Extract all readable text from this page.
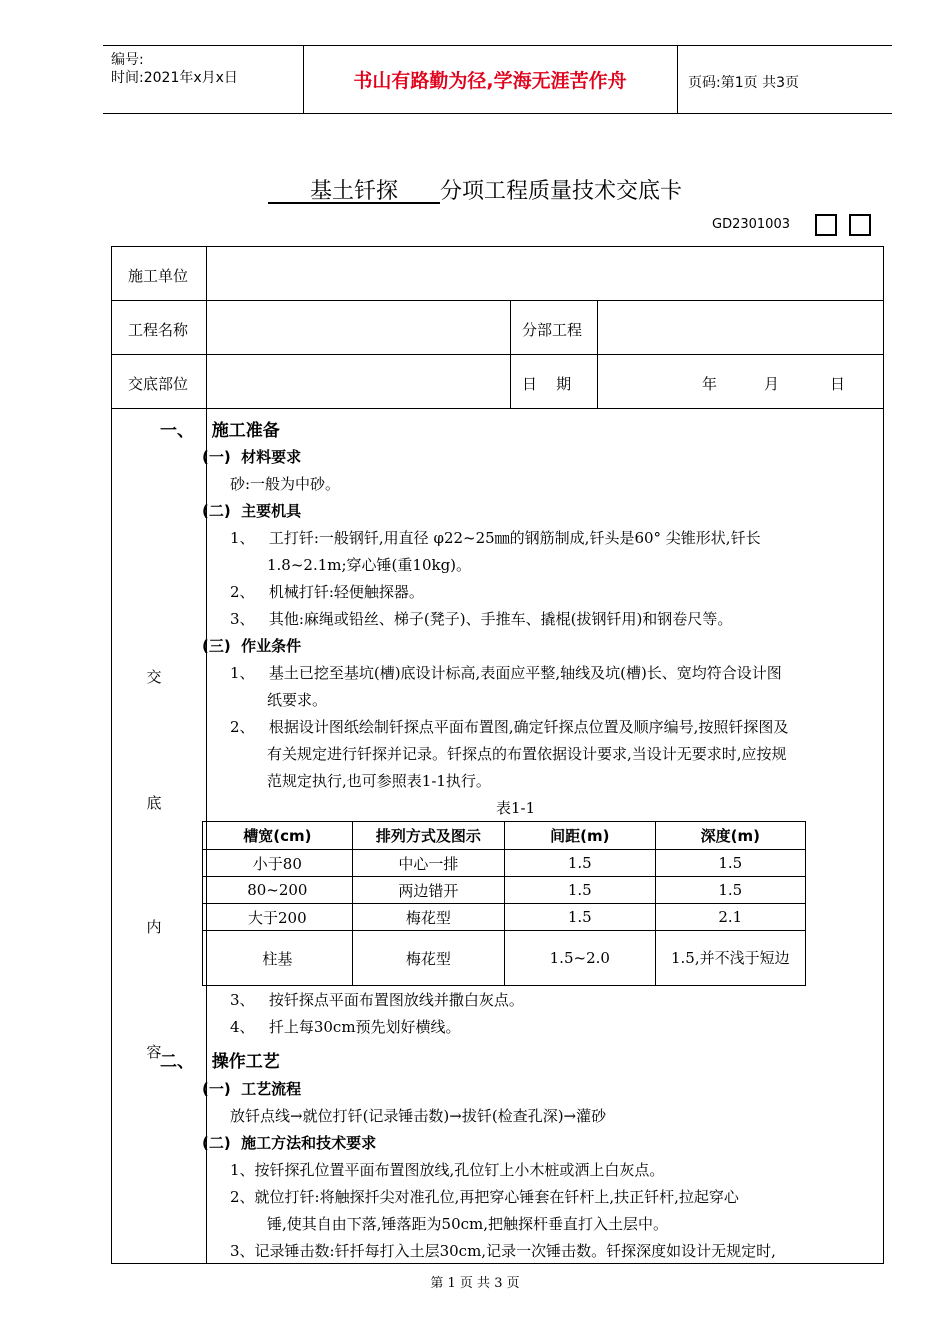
编号:
时间:2021年x月x日	书山有路勤为径,学海无涯苦作舟	页码:第1页 共3页
基土钎探 分项工程质量技术交底卡
GD2301003
施工单位
工程名称	分部工程
交底部位	日    期	年	月	日
交
底
内
容
一、   施工准备
(一)  材料要求
砂:一般为中砂。
(二)  主要机具
1、   工打钎:一般钢钎,用直径 φ22~25㎜的钢筋制成,钎头是60° 尖锥形状,钎长
1.8~2.1m;穿心锤(重10kg)。
2、   机械打钎:轻便触探器。
3、   其他:麻绳或铅丝、梯子(凳子)、手推车、撬棍(拔钢钎用)和钢卷尺等。
(三)  作业条件
1、   基土已挖至基坑(槽)底设计标高,表面应平整,轴线及坑(槽)长、宽均符合设计图
纸要求。
2、   根据设计图纸绘制钎探点平面布置图,确定钎探点位置及顺序编号,按照钎探图及
有关规定进行钎探并记录。钎探点的布置依据设计要求,当设计无要求时,应按规
范规定执行,也可参照表1-1执行。
表1-1
槽宽(cm)	排列方式及图示	间距(m)	深度(m)
小于80	中心一排	1.5	1.5
80~200	两边错开	1.5	1.5
大于200	梅花型	1.5	2.1
柱基	梅花型	1.5~2.0	1.5,并不浅于短边
3、   按钎探点平面布置图放线并撒白灰点。
4、   扦上每30cm预先划好横线。
二、   操作工艺
(一)  工艺流程
放钎点线→就位打钎(记录锤击数)→拔钎(检查孔深)→灌砂
(二)  施工方法和技术要求
1、按钎探孔位置平面布置图放线,孔位钉上小木桩或洒上白灰点。
2、就位打钎:将触探扦尖对准孔位,再把穿心锤套在钎杆上,扶正钎杆,拉起穿心
锤,使其自由下落,锤落距为50cm,把触探杆垂直打入土层中。
3、记录锤击数:钎扦每打入土层30cm,记录一次锤击数。钎探深度如设计无规定时,
第 1 页 共 3 页
